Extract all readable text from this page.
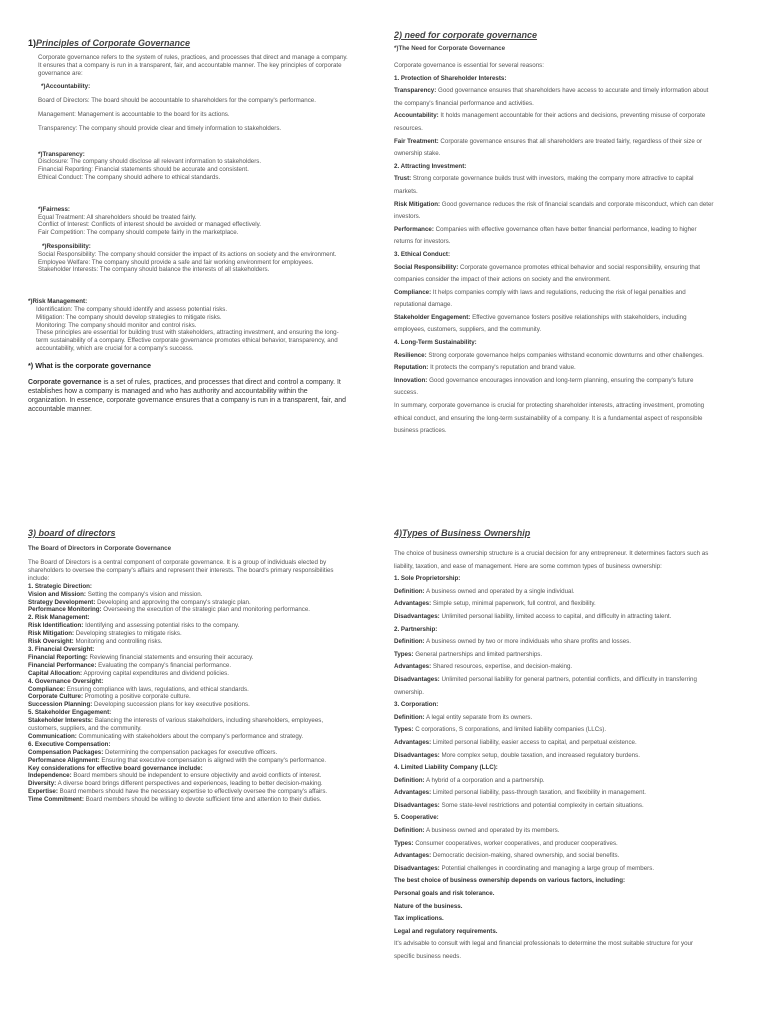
1)Principles of Corporate Governance

Corporate governance refers to the system of rules, practices, and processes that direct and manage a company. It ensures that a company is run in a transparent, fair, and accountable manner. The key principles of corporate governance are:

*)Accountability:

Board of Directors: The board should be accountable to shareholders for the company's performance.

Management: Management is accountable to the board for its actions.

Transparency: The company should provide clear and timely information to stakeholders.

*)Transparency:

Disclosure: The company should disclose all relevant information to stakeholders.

Financial Reporting: Financial statements should be accurate and consistent.

Ethical Conduct: The company should adhere to ethical standards.

*)Fairness:

Equal Treatment: All shareholders should be treated fairly.

Conflict of Interest: Conflicts of interest should be avoided or managed effectively.

Fair Competition: The company should compete fairly in the marketplace.

*)Responsibility:

Social Responsibility: The company should consider the impact of its actions on society and the environment.

Employee Welfare: The company should provide a safe and fair working environment for employees.

Stakeholder Interests: The company should balance the interests of all stakeholders.

*)Risk Management:

Identification: The company should identify and assess potential risks.

Mitigation: The company should develop strategies to mitigate risks.

Monitoring: The company should monitor and control risks.

These principles are essential for building trust with stakeholders, attracting investment, and ensuring the long-term sustainability of a company. Effective corporate governance promotes ethical behavior, transparency, and accountability, which are crucial for a company's success.

*) What is the corporate governance

Corporate governance is a set of rules, practices, and processes that direct and control a company. It establishes how a company is managed and who has authority and accountability within the organization. In essence, corporate governance ensures that a company is run in a transparent, fair, and accountable manner.

2) need for corporate governance

*)The Need for Corporate Governance

Corporate governance is essential for several reasons:

1. Protection of Shareholder Interests:

Transparency: Good governance ensures that shareholders have access to accurate and timely information about the company's financial performance and activities.

Accountability: It holds management accountable for their actions and decisions, preventing misuse of corporate resources.

Fair Treatment: Corporate governance ensures that all shareholders are treated fairly, regardless of their size or ownership stake.

2. Attracting Investment:

Trust: Strong corporate governance builds trust with investors, making the company more attractive to capital markets.

Risk Mitigation: Good governance reduces the risk of financial scandals and corporate misconduct, which can deter investors.

Performance: Companies with effective governance often have better financial performance, leading to higher returns for investors.

3. Ethical Conduct:

Social Responsibility: Corporate governance promotes ethical behavior and social responsibility, ensuring that companies consider the impact of their actions on society and the environment.

Compliance: It helps companies comply with laws and regulations, reducing the risk of legal penalties and reputational damage.

Stakeholder Engagement: Effective governance fosters positive relationships with stakeholders, including employees, customers, suppliers, and the community.

4. Long-Term Sustainability:

Resilience: Strong corporate governance helps companies withstand economic downturns and other challenges.

Reputation: It protects the company's reputation and brand value.

Innovation: Good governance encourages innovation and long-term planning, ensuring the company's future success.

In summary, corporate governance is crucial for protecting shareholder interests, attracting investment, promoting ethical conduct, and ensuring the long-term sustainability of a company. It is a fundamental aspect of responsible business practices.

3) board of directors

The Board of Directors in Corporate Governance

The Board of Directors is a central component of corporate governance. It is a group of individuals elected by shareholders to oversee the company's affairs and represent their interests. The board's primary responsibilities include:

1. Strategic Direction:

Vision and Mission: Setting the company's vision and mission.

Strategy Development: Developing and approving the company's strategic plan.

Performance Monitoring: Overseeing the execution of the strategic plan and monitoring performance.

2. Risk Management:

Risk Identification: Identifying and assessing potential risks to the company.

Risk Mitigation: Developing strategies to mitigate risks.

Risk Oversight: Monitoring and controlling risks.

3. Financial Oversight:

Financial Reporting: Reviewing financial statements and ensuring their accuracy.

Financial Performance: Evaluating the company's financial performance.

Capital Allocation: Approving capital expenditures and dividend policies.

4. Governance Oversight:

Compliance: Ensuring compliance with laws, regulations, and ethical standards.

Corporate Culture: Promoting a positive corporate culture.

Succession Planning: Developing succession plans for key executive positions.

5. Stakeholder Engagement:

Stakeholder Interests: Balancing the interests of various stakeholders, including shareholders, employees, customers, suppliers, and the community.

Communication: Communicating with stakeholders about the company's performance and strategy.

6. Executive Compensation:

Compensation Packages: Determining the compensation packages for executive officers.

Performance Alignment: Ensuring that executive compensation is aligned with the company's performance.

Key considerations for effective board governance include:

Independence: Board members should be independent to ensure objectivity and avoid conflicts of interest.

Diversity: A diverse board brings different perspectives and experiences, leading to better decision-making.

Expertise: Board members should have the necessary expertise to effectively oversee the company's affairs.

Time Commitment: Board members should be willing to devote sufficient time and attention to their duties.

4)Types of Business Ownership

The choice of business ownership structure is a crucial decision for any entrepreneur. It determines factors such as liability, taxation, and ease of management. Here are some common types of business ownership:

1. Sole Proprietorship:

Definition: A business owned and operated by a single individual.

Advantages: Simple setup, minimal paperwork, full control, and flexibility.

Disadvantages: Unlimited personal liability, limited access to capital, and difficulty in attracting talent.

2. Partnership:

Definition: A business owned by two or more individuals who share profits and losses.

Types: General partnerships and limited partnerships.

Advantages: Shared resources, expertise, and decision-making.

Disadvantages: Unlimited personal liability for general partners, potential conflicts, and difficulty in transferring ownership.

3. Corporation:

Definition: A legal entity separate from its owners.

Types: C corporations, S corporations, and limited liability companies (LLCs).

Advantages: Limited personal liability, easier access to capital, and perpetual existence.

Disadvantages: More complex setup, double taxation, and increased regulatory burdens.

4. Limited Liability Company (LLC):

Definition: A hybrid of a corporation and a partnership.

Advantages: Limited personal liability, pass-through taxation, and flexibility in management.

Disadvantages: Some state-level restrictions and potential complexity in certain situations.

5. Cooperative:

Definition: A business owned and operated by its members.

Types: Consumer cooperatives, worker cooperatives, and producer cooperatives.

Advantages: Democratic decision-making, shared ownership, and social benefits.

Disadvantages: Potential challenges in coordinating and managing a large group of members.

The best choice of business ownership depends on various factors, including:

Personal goals and risk tolerance.

Nature of the business.

Tax implications.

Legal and regulatory requirements.

It's advisable to consult with legal and financial professionals to determine the most suitable structure for your specific business needs.
